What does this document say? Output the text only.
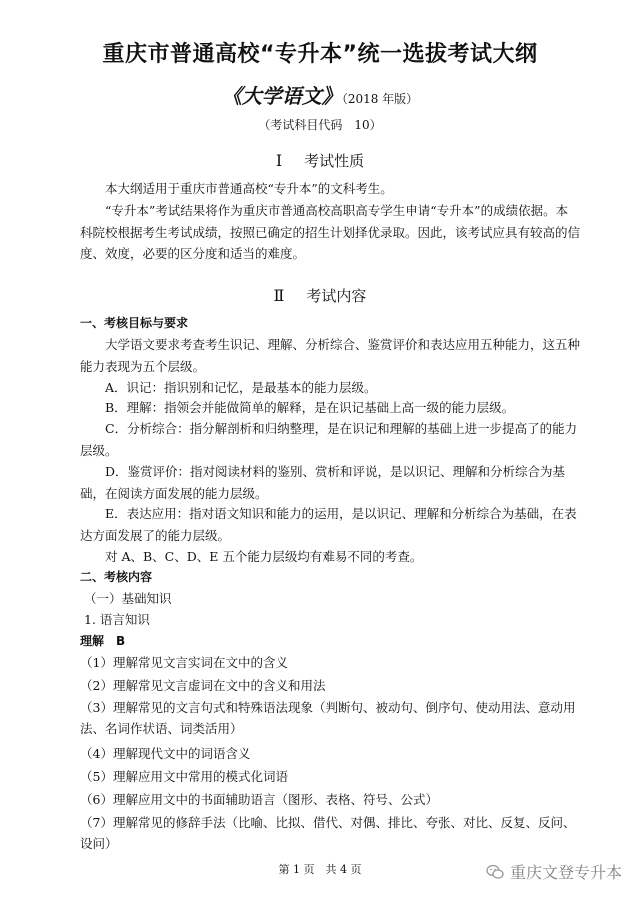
重庆市普通高校“专升本”统一选拔考试大纲
《大学语文》（2018 年版）
（考试科目代码　10）
Ⅰ 考试性质
本大纲适用于重庆市普通高校“专升本”的文科考生。
“专升本”考试结果将作为重庆市普通高校高职高专学生申请“专升本”的成绩依据。本科院校根据考生考试成绩，按照已确定的招生计划择优录取。因此，该考试应具有较高的信度、效度，必要的区分度和适当的难度。
Ⅱ 考试内容
一、考核目标与要求
大学语文要求考查考生识记、理解、分析综合、鉴赏评价和表达应用五种能力，这五种能力表现为五个层级。
A．识记：指识别和记忆，是最基本的能力层级。
B．理解：指领会并能做简单的解释，是在识记基础上高一级的能力层级。
C．分析综合：指分解剖析和归纳整理，是在识记和理解的基础上进一步提高了的能力层级。
D．鉴赏评价：指对阅读材料的鉴别、赏析和评说，是以识记、理解和分析综合为基础，在阅读方面发展的能力层级。
E．表达应用：指对语文知识和能力的运用，是以识记、理解和分析综合为基础，在表达方面发展了的能力层级。
对 A、B、C、D、E 五个能力层级均有难易不同的考查。
二、考核内容
（一）基础知识
1. 语言知识
理解　B
（1）理解常见文言实词在文中的含义
（2）理解常见文言虚词在文中的含义和用法
（3）理解常见的文言句式和特殊语法现象（判断句、被动句、倒序句、使动用法、意动用法、名词作状语、词类活用）
（4）理解现代文中的词语含义
（5）理解应用文中常用的模式化词语
（6）理解应用文中的书面辅助语言（图形、表格、符号、公式）
（7）理解常见的修辞手法（比喻、比拟、借代、对偶、排比、夸张、对比、反复、反问、设问）
第 1 页　共 4 页	重庆文登专升本
